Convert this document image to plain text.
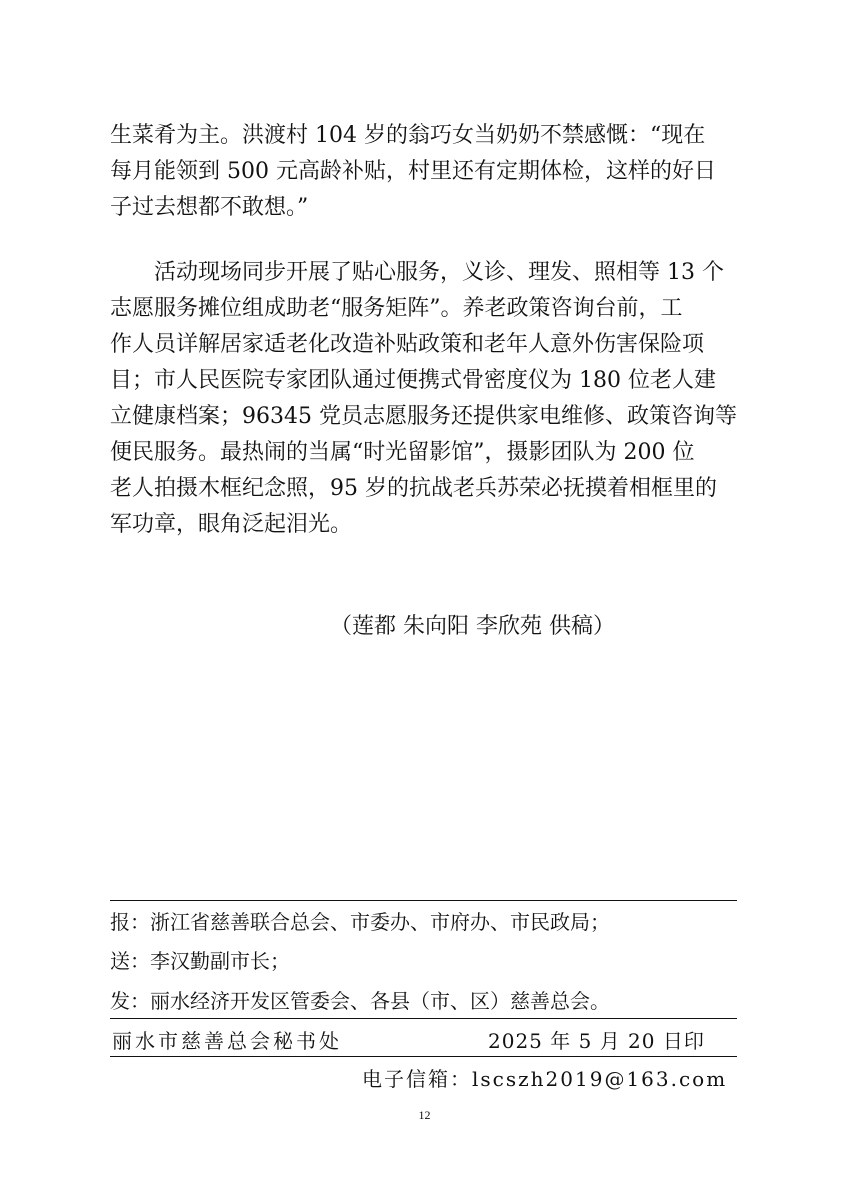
生菜肴为主。洪渡村 104 岁的翁巧女当奶奶不禁感慨：“现在
每月能领到 500 元高龄补贴，村里还有定期体检，这样的好日
子过去想都不敢想。”
　　活动现场同步开展了贴心服务，义诊、理发、照相等 13 个
志愿服务摊位组成助老“服务矩阵”。养老政策咨询台前，工
作人员详解居家适老化改造补贴政策和老年人意外伤害保险项
目；市人民医院专家团队通过便携式骨密度仪为 180 位老人建
立健康档案；96345 党员志愿服务还提供家电维修、政策咨询等
便民服务。最热闹的当属“时光留影馆”，摄影团队为 200 位
老人拍摄木框纪念照，95 岁的抗战老兵苏荣必抚摸着相框里的
军功章，眼角泛起泪光。
（莲都 朱向阳 李欣苑 供稿）
报：浙江省慈善联合总会、市委办、市府办、市民政局；
送：李汉勤副市长；
发：丽水经济开发区管委会、各县（市、区）慈善总会。
丽水市慈善总会秘书处	2025 年 5 月 20 日印
电子信箱：lscszh2019@163.com
12
